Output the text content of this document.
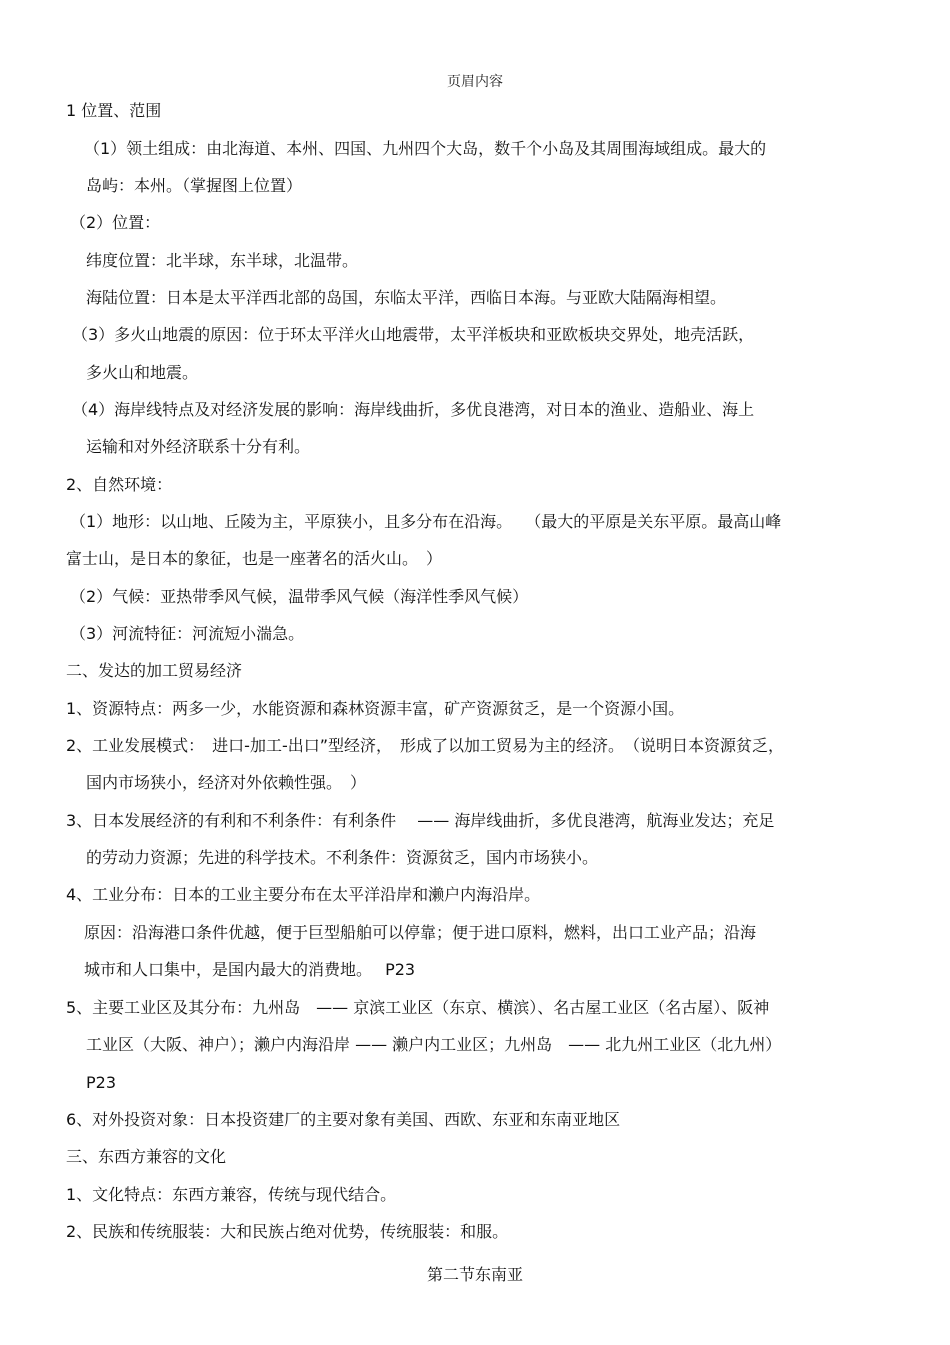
页眉内容
1 位置、范围
（1）领土组成：由北海道、本州、四国、九州四个大岛，数千个小岛及其周围海域组成。最大的
岛屿：本州。（掌握图上位置）
（2）位置：
纬度位置：北半球，东半球，北温带。
海陆位置：日本是太平洋西北部的岛国，东临太平洋，西临日本海。与亚欧大陆隔海相望。
（3）多火山地震的原因：位于环太平洋火山地震带，太平洋板块和亚欧板块交界处，地壳活跃，
多火山和地震。
（4）海岸线特点及对经济发展的影响：海岸线曲折，多优良港湾，对日本的渔业、造船业、海上
运输和对外经济联系十分有利。
2、自然环境：
（1）地形：以山地、丘陵为主，平原狭小，且多分布在沿海。　 （最大的平原是关东平原。最高山峰
富士山，是日本的象征，也是一座著名的活火山。　）
（2）气候：亚热带季风气候，温带季风气候（海洋性季风气候）
（3）河流特征：河流短小湍急。
二、发达的加工贸易经济
1、资源特点：两多一少，水能资源和森林资源丰富，矿产资源贫乏，是一个资源小国。
2、工业发展模式：　进口-加工-出口”型经济，　形成了以加工贸易为主的经济。　（说明日本资源贫乏，
国内市场狭小，经济对外依赖性强。　）
3、日本发展经济的有利和不利条件：有利条件　 —— 海岸线曲折，多优良港湾，航海业发达；充足
的劳动力资源；先进的科学技术。不利条件：资源贫乏，国内市场狭小。
4、工业分布：日本的工业主要分布在太平洋沿岸和濑户内海沿岸。
原因：沿海港口条件优越，便于巨型船舶可以停靠；便于进口原料，燃料，出口工业产品；沿海
城市和人口集中，是国内最大的消费地。　 P23
5、主要工业区及其分布：九州岛　—— 京滨工业区（东京、横滨）、名古屋工业区（名古屋）、阪神
工业区（大阪、神户）；濑户内海沿岸 —— 濑户内工业区；九州岛　—— 北九州工业区（北九州）
P23
6、对外投资对象：日本投资建厂的主要对象有美国、西欧、东亚和东南亚地区
三、东西方兼容的文化
1、文化特点：东西方兼容，传统与现代结合。
2、民族和传统服装：大和民族占绝对优势，传统服装：和服。
第二节东南亚
